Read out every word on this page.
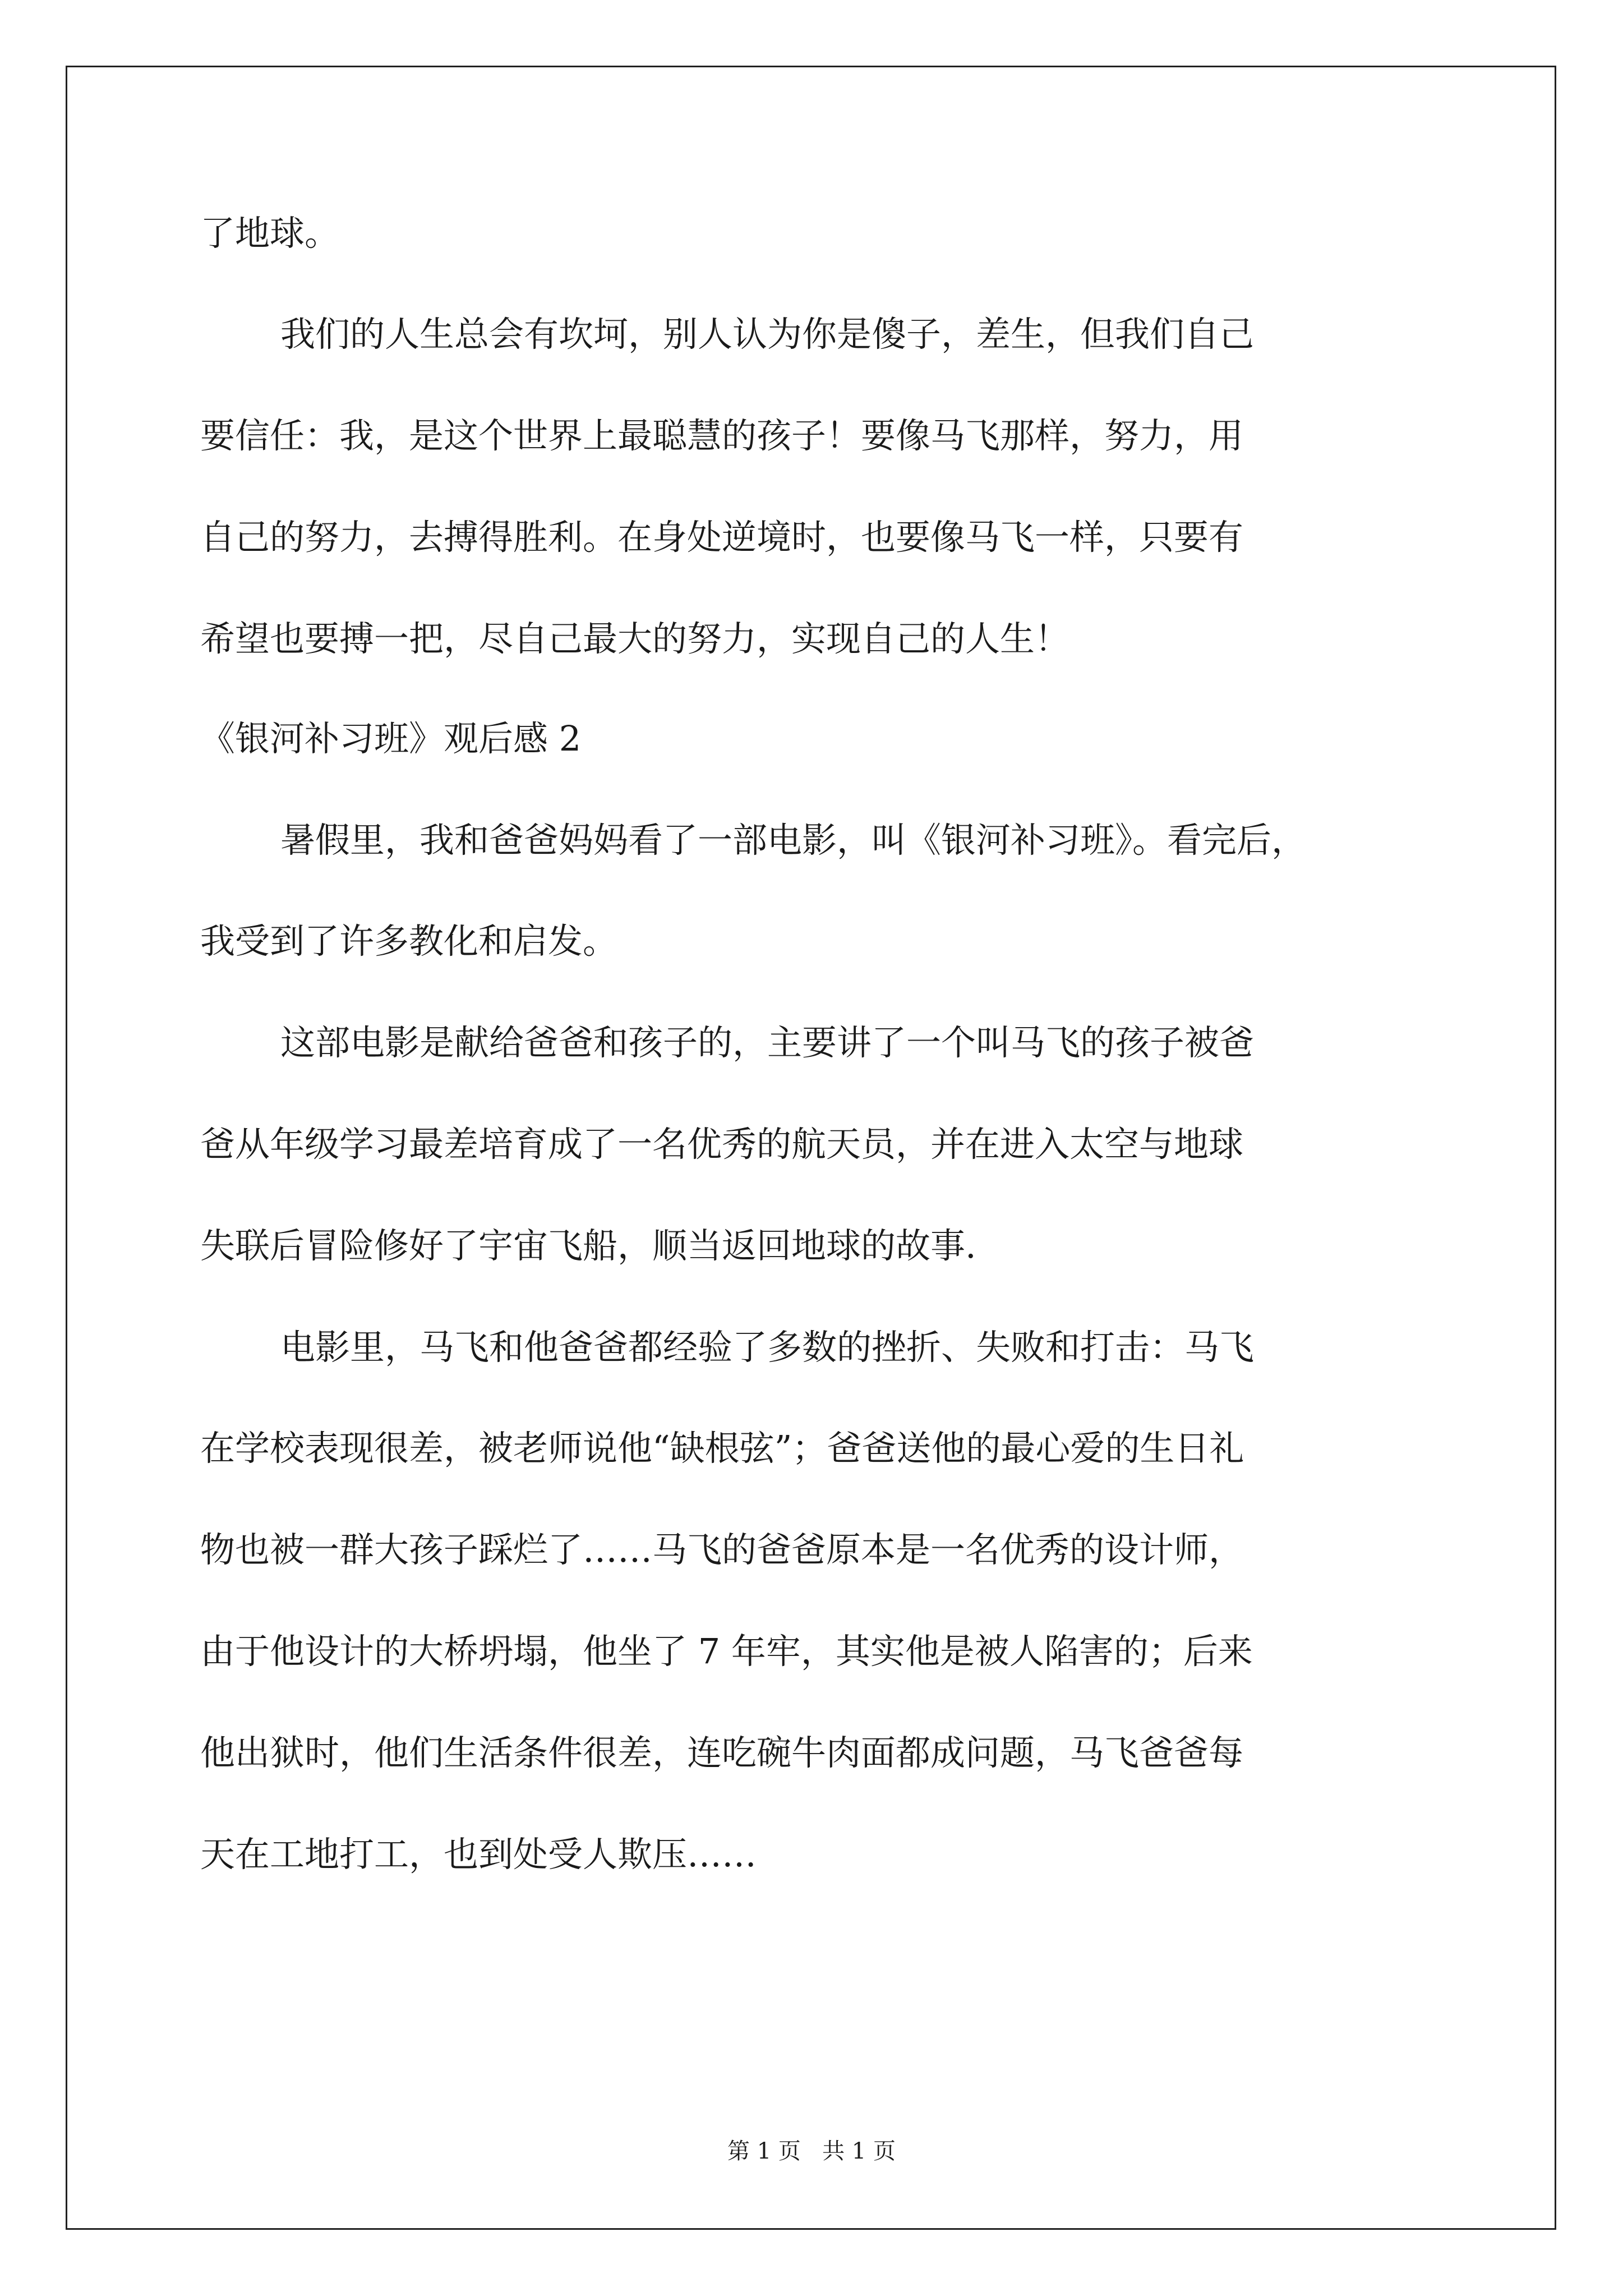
了地球。
我们的人生总会有坎坷，别人认为你是傻子，差生，但我们自己
要信任：我，是这个世界上最聪慧的孩子！要像马飞那样，努力，用
自己的努力，去搏得胜利。在身处逆境时，也要像马飞一样，只要有
希望也要搏一把，尽自己最大的努力，实现自己的人生！
《银河补习班》观后感 2
暑假里，我和爸爸妈妈看了一部电影，叫《银河补习班》。看完后，
我受到了许多教化和启发。
这部电影是献给爸爸和孩子的，主要讲了一个叫马飞的孩子被爸
爸从年级学习最差培育成了一名优秀的航天员，并在进入太空与地球
失联后冒险修好了宇宙飞船，顺当返回地球的故事.
电影里，马飞和他爸爸都经验了多数的挫折、失败和打击：马飞
在学校表现很差，被老师说他“缺根弦”；爸爸送他的最心爱的生日礼
物也被一群大孩子踩烂了……马飞的爸爸原本是一名优秀的设计师，
由于他设计的大桥坍塌，他坐了 7 年牢，其实他是被人陷害的；后来
他出狱时，他们生活条件很差，连吃碗牛肉面都成问题，马飞爸爸每
天在工地打工，也到处受人欺压……
第 1 页   共 1 页
